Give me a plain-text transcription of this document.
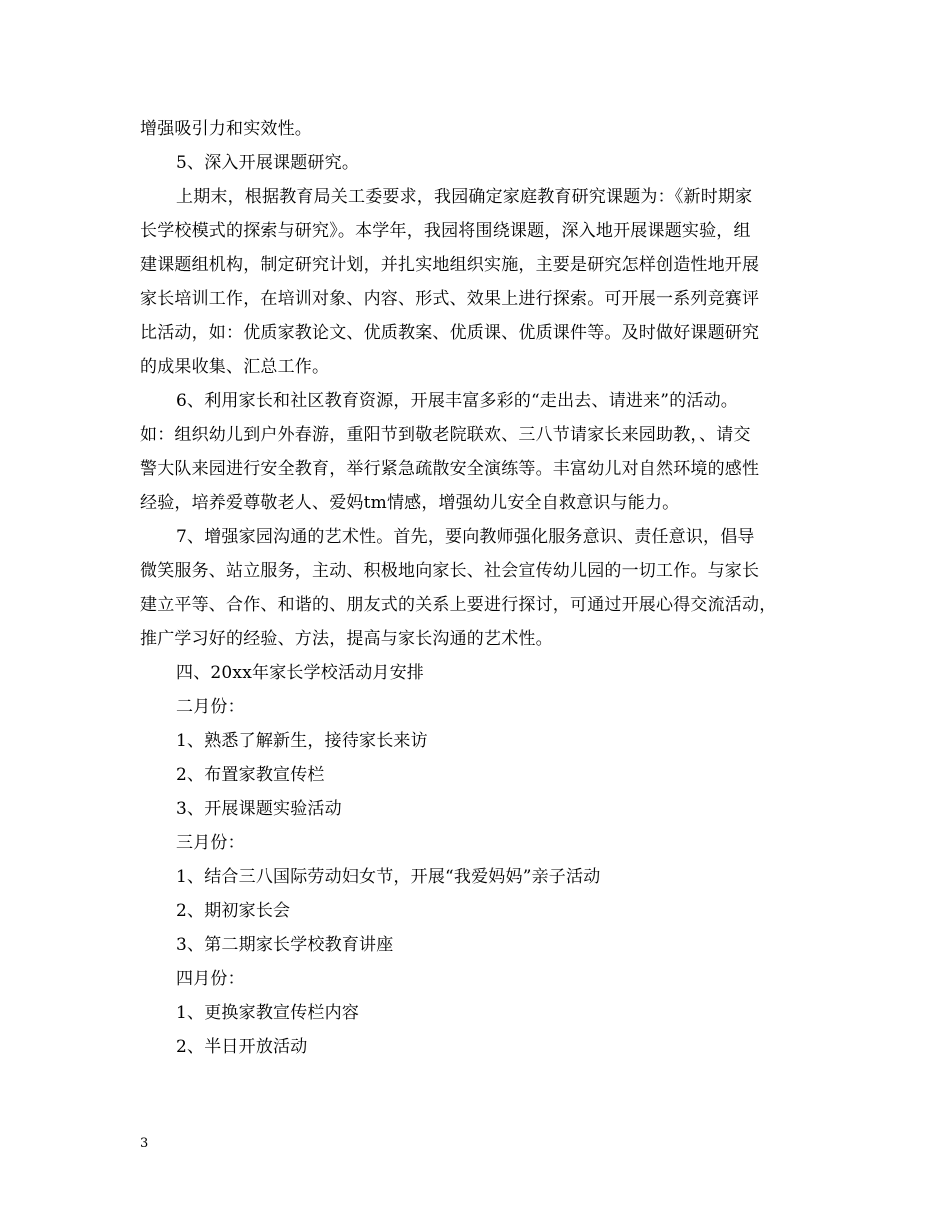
增强吸引力和实效性。
5、深入开展课题研究。
上期末，根据教育局关工委要求，我园确定家庭教育研究课题为：《新时期家
长学校模式的探索与研究》。本学年，我园将围绕课题，深入地开展课题实验，组
建课题组机构，制定研究计划，并扎实地组织实施，主要是研究怎样创造性地开展
家长培训工作，在培训对象、内容、形式、效果上进行探索。可开展一系列竞赛评
比活动，如：优质家教论文、优质教案、优质课、优质课件等。及时做好课题研究
的成果收集、汇总工作。
6、利用家长和社区教育资源，开展丰富多彩的“走出去、请进来”的活动。
如：组织幼儿到户外春游，重阳节到敬老院联欢、三八节请家长来园助教，、请交
警大队来园进行安全教育，举行紧急疏散安全演练等。丰富幼儿对自然环境的感性
经验，培养爱尊敬老人、爱妈tm情感，增强幼儿安全自救意识与能力。
7、增强家园沟通的艺术性。首先，要向教师强化服务意识、责任意识，倡导
微笑服务、站立服务，主动、积极地向家长、社会宣传幼儿园的一切工作。与家长
建立平等、合作、和谐的、朋友式的关系上要进行探讨，可通过开展心得交流活动，
推广学习好的经验、方法，提高与家长沟通的艺术性。
四、20xx年家长学校活动月安排
二月份：
1、熟悉了解新生，接待家长来访
2、布置家教宣传栏
3、开展课题实验活动
三月份：
1、结合三八国际劳动妇女节，开展“我爱妈妈”亲子活动
2、期初家长会
3、第二期家长学校教育讲座
四月份：
1、更换家教宣传栏内容
2、半日开放活动
3
